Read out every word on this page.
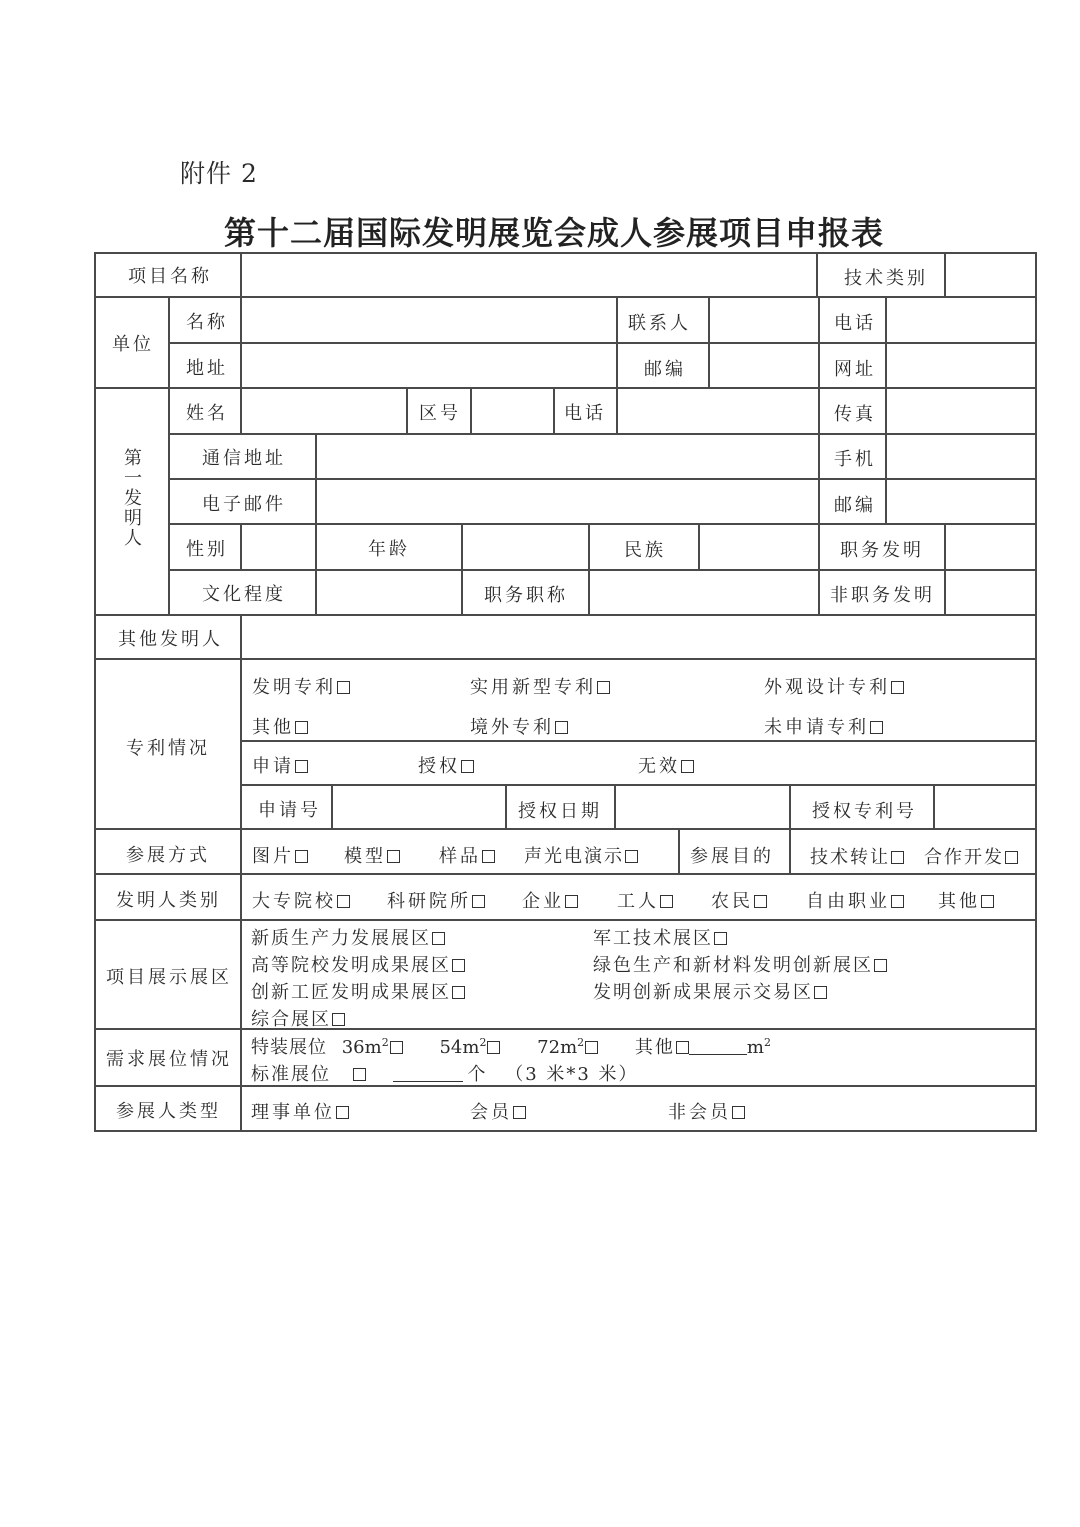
附件 2
第十二届国际发明展览会成人参展项目申报表
项目名称	技术类别
单位
名称	联系人	电话
地址	邮编	网址
第一发明人
姓名	区号	电话	传真
通信地址	手机
电子邮件	邮编
性别	年龄	民族	职务发明
文化程度	职务职称	非职务发明
其他发明人
专利情况
发明专利	实用新型专利	外观设计专利
其他	境外专利	未申请专利
申请	授权	无效
申请号	授权日期	授权专利号
参展方式 图片	模型	样品	声光电演示	参展目的 技术转让	合作开发
发明人类别 大专院校	科研院所	企业	工人	农民	自由职业	其他
项目展示展区
新质生产力发展展区	军工技术展区
高等院校发明成果展区	绿色生产和新材料发明创新展区
创新工匠发明成果展区	发明创新成果展示交易区
综合展区
需求展位情况
特装展位 $36m^2$	$54m^2$	$72m^2$	其他	$m^2$
标准展位	个 （3 米*3 米）
参展人类型 理事单位	会员	非会员
